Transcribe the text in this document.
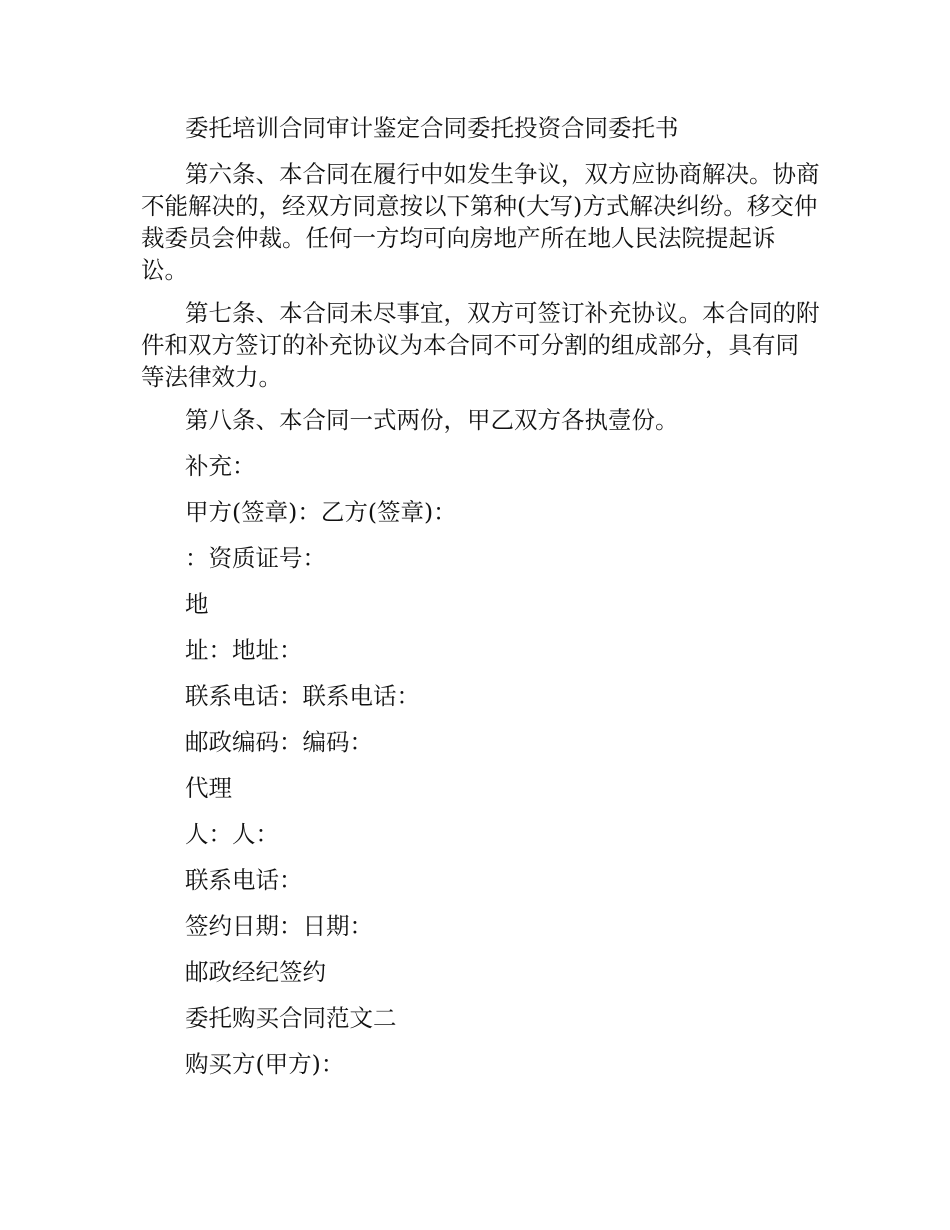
委托培训合同审计鉴定合同委托投资合同委托书

第六条、本合同在履行中如发生争议，双方应协商解决。协商不能解决的，经双方同意按以下第种(大写)方式解决纠纷。移交仲裁委员会仲裁。任何一方均可向房地产所在地人民法院提起诉讼。

第七条、本合同未尽事宜，双方可签订补充协议。本合同的附件和双方签订的补充协议为本合同不可分割的组成部分，具有同等法律效力。

第八条、本合同一式两份，甲乙双方各执壹份。

补充：

甲方(签章)：乙方(签章)：

：资质证号：

地

址：地址：

联系电话：联系电话：

邮政编码：编码：

代理

人：人：

联系电话：

签约日期：日期：

邮政经纪签约

委托购买合同范文二

购买方(甲方)：
